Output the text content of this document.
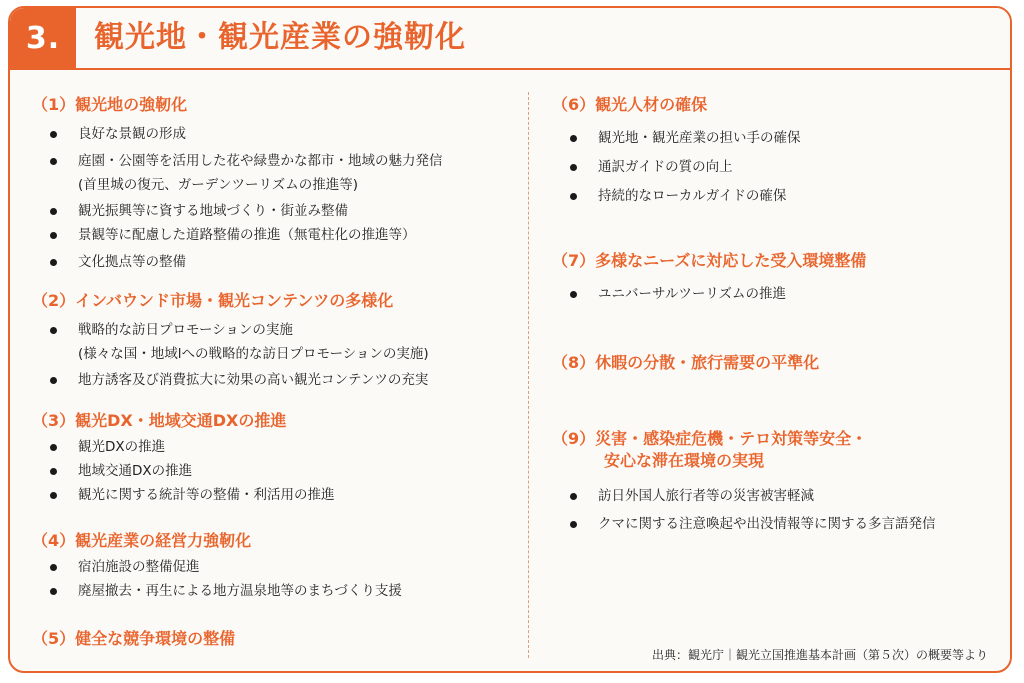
3. 観光地・観光産業の強靭化
（1）観光地の強靭化
良好な景観の形成
庭園・公園等を活用した花や緑豊かな都市・地域の魅力発信
(首里城の復元、ガーデンツーリズムの推進等)
観光振興等に資する地域づくり・街並み整備
景観等に配慮した道路整備の推進（無電柱化の推進等）
文化拠点等の整備
（2）インバウンド市場・観光コンテンツの多様化
戦略的な訪日プロモーションの実施
(様々な国・地域lへの戦略的な訪日プロモーションの実施)
地方誘客及び消費拡大に効果の高い観光コンテンツの充実
（3）観光DX・地域交通DXの推進
観光DXの推進
地域交通DXの推進
観光に関する統計等の整備・利活用の推進
（4）観光産業の経営力強靭化
宿泊施設の整備促進
廃屋撤去・再生による地方温泉地等のまちづくり支援
（5）健全な競争環境の整備
（6）観光人材の確保
観光地・観光産業の担い手の確保
通訳ガイドの質の向上
持続的なローカルガイドの確保
（7）多様なニーズに対応した受入環境整備
ユニバーサルツーリズムの推進
（8）休暇の分散・旅行需要の平準化
（9）災害・感染症危機・テロ対策等安全・
安心な滞在環境の実現
訪日外国人旅行者等の災害被害軽減
クマに関する注意喚起や出没情報等に関する多言語発信
出典：観光庁｜観光立国推進基本計画（第５次）の概要等より
